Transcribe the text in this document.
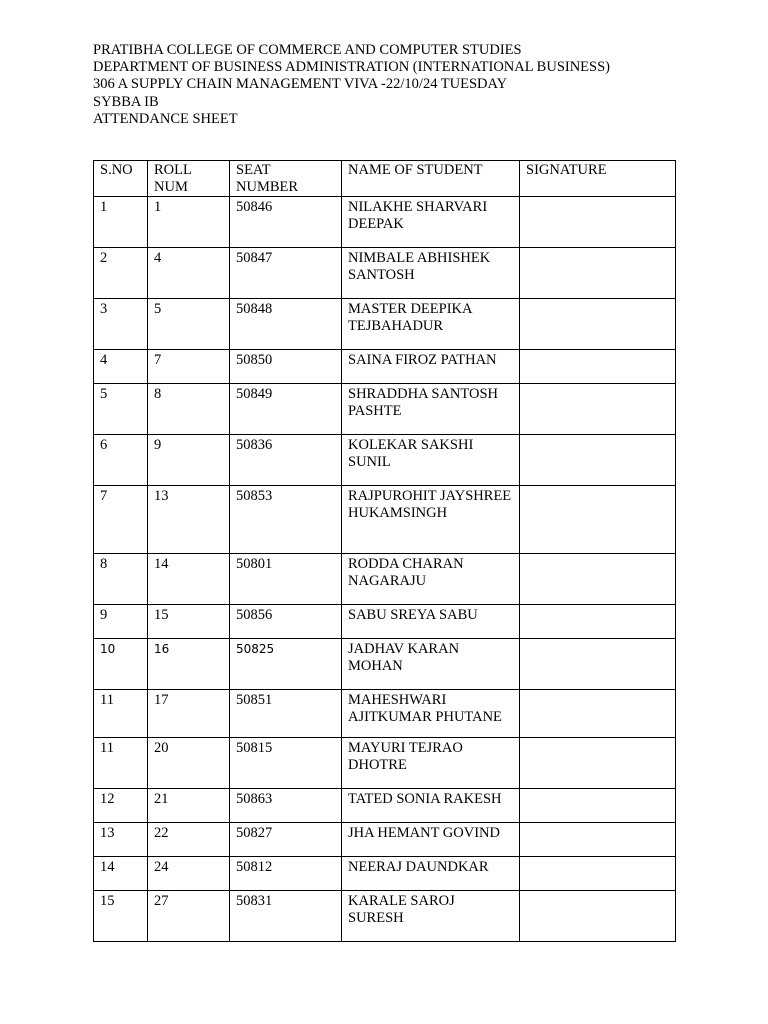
PRATIBHA COLLEGE OF COMMERCE AND COMPUTER STUDIES
DEPARTMENT OF BUSINESS ADMINISTRATION (INTERNATIONAL BUSINESS)
306 A SUPPLY CHAIN MANAGEMENT VIVA -22/10/24 TUESDAY
SYBBA IB
ATTENDANCE SHEET
S.NO	ROLL NUM	SEAT NUMBER	NAME OF STUDENT	SIGNATURE
1	1	50846	NILAKHE SHARVARI DEEPAK	
2	4	50847	NIMBALE ABHISHEK SANTOSH	
3	5	50848	MASTER DEEPIKA TEJBAHADUR	
4	7	50850	SAINA FIROZ PATHAN	
5	8	50849	SHRADDHA SANTOSH PASHTE	
6	9	50836	KOLEKAR SAKSHI SUNIL	
7	13	50853	RAJPUROHIT JAYSHREE HUKAMSINGH	
8	14	50801	RODDA CHARAN NAGARAJU	
9	15	50856	SABU SREYA SABU	
10	16	50825	JADHAV KARAN MOHAN	
11	17	50851	MAHESHWARI AJITKUMAR PHUTANE	
11	20	50815	MAYURI TEJRAO DHOTRE	
12	21	50863	TATED SONIA RAKESH	
13	22	50827	JHA HEMANT GOVIND	
14	24	50812	NEERAJ DAUNDKAR	
15	27	50831	KARALE SAROJ SURESH	
